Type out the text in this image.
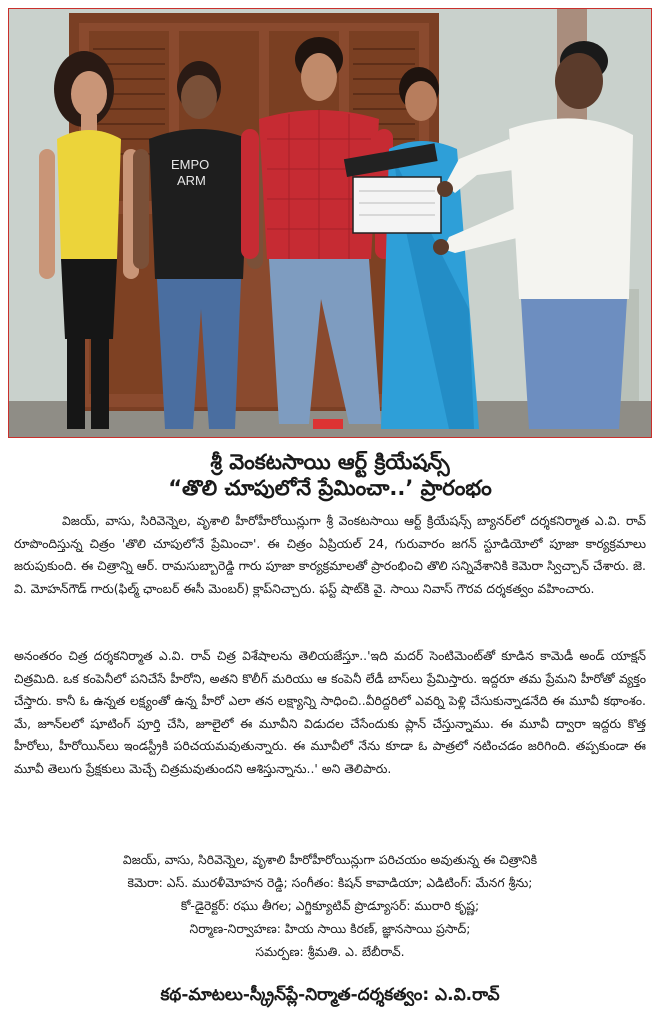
EMPO
ARM
శ్రీ వెంకటసాయి ఆర్ట్ క్రియేషన్స్
“తొలి చూపులోనే ప్రేమించా..’ ప్రారంభం

విజయ్, వాసు, సిరివెన్నెల, వృశాలి హీరోహీరోయిన్లుగా శ్రీ వెంకటసాయి ఆర్ట్ క్రియేషన్స్ బ్యానర్‌లో దర్శకనిర్మాత ఎ.వి. రావ్ రూపొందిస్తున్న చిత్రం 'తొలి చూపులోనే ప్రేమించా'. ఈ చిత్రం ఏప్రియల్ 24, గురువారం జగన్ స్టూడియోలో పూజా కార్యక్రమాలు జరుపుకుంది. ఈ చిత్రాన్ని ఆర్. రామసుబ్బారెడ్డి గారు పూజా కార్యక్రమాలతో ప్రారంభించి తొలి సన్నివేశానికి కెమెరా స్విచ్చాన్ చేశారు. జె. వి. మోహన్‌గౌడ్ గారు(ఫిల్మ్ ఛాంబర్ ఈసీ మెంబర్) క్లాప్‌నిచ్చారు. ఫస్ట్ షాట్‌కి వై. సాయి నివాస్ గౌరవ దర్శకత్వం వహించారు.

అనంతరం చిత్ర దర్శకనిర్మాత ఎ.వి. రావ్ చిత్ర విశేషాలను తెలియజేస్తూ..'ఇది మదర్ సెంటిమెంట్‌తో కూడిన కామెడీ అండ్ యాక్షన్ చిత్రమిది. ఒక కంపెనీలో పనిచేసే హీరోని, అతని కొలీగ్ మరియు ఆ కంపెనీ లేడీ బాస్‌లు ప్రేమిస్తారు. ఇద్దరూ తమ ప్రేమని హీరోతో వ్యక్తం చేస్తారు. కానీ ఓ ఉన్నత లక్ష్యంతో ఉన్న హీరో ఎలా తన లక్ష్యాన్ని సాధించి..వీరిద్దరిలో ఎవర్ని పెళ్లి చేసుకున్నాడనేది ఈ మూవీ కథాంశం. మే, జూన్‌లలో షూటింగ్ పూర్తి చేసి, జూలైలో ఈ మూవీని విడుదల చేసేందుకు ప్లాన్ చేస్తున్నాము. ఈ మూవీ ద్వారా ఇద్దరు కొత్త హీరోలు, హీరోయిన్‌లు ఇండస్ట్రీకి పరిచయమవుతున్నారు. ఈ మూవీలో నేను కూడా ఓ పాత్రలో నటించడం జరిగింది. తప్పకుండా ఈ మూవీ తెలుగు ప్రేక్షకులు మెచ్చే చిత్రమవుతుందని ఆశిస్తున్నాను..' అని తెలిపారు.

విజయ్, వాసు, సిరివెన్నెల, వృశాలి హీరోహీరోయిన్లుగా పరిచయం అవుతున్న ఈ చిత్రానికి

కెమెరా: ఎస్. మురళీమోహన రెడ్డి; సంగీతం: కిషన్ కావాడియా; ఎడిటింగ్: మేనగ శ్రీను;

కో-డైరెక్టర్: రఘు తీగల; ఎగ్జిక్యూటివ్ ప్రొడ్యూసర్: మురారి కృష్ణ;

నిర్మాణ-నిర్వాహణ: హియ సాయి కిరణ్, జ్ఞానసాయి ప్రసాద్;

సమర్పణ: శ్రీమతి. ఎ. బేబీరావ్.

కథ-మాటలు-స్క్రీన్‌ప్లే-నిర్మాత-దర్శకత్వం: ఎ.వి.రావ్
